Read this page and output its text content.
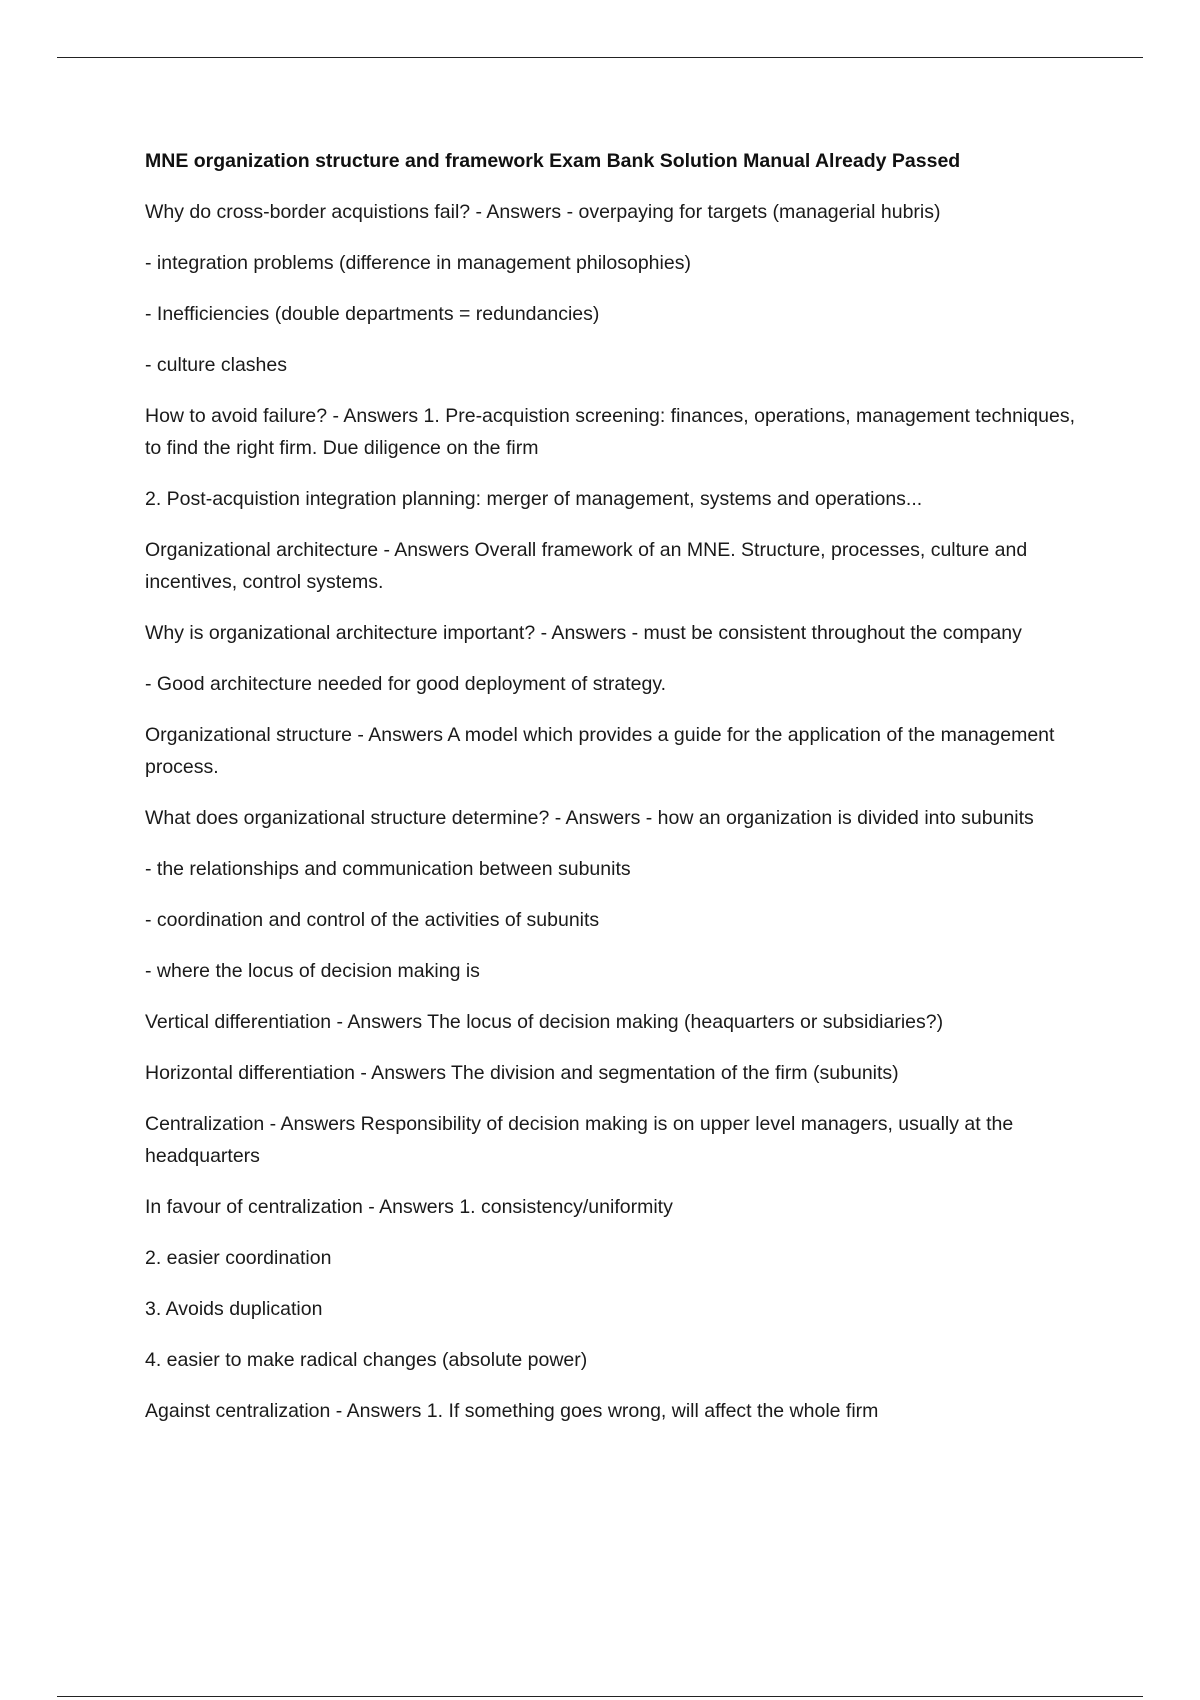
MNE organization structure and framework Exam Bank Solution Manual Already Passed

Why do cross-border acquistions fail? - Answers - overpaying for targets (managerial hubris)

- integration problems (difference in management philosophies)

- Inefficiencies (double departments = redundancies)

- culture clashes

How to avoid failure? - Answers 1. Pre-acquistion screening: finances, operations, management techniques, to find the right firm. Due diligence on the firm

2. Post-acquistion integration planning: merger of management, systems and operations...

Organizational architecture - Answers Overall framework of an MNE. Structure, processes, culture and incentives, control systems.

Why is organizational architecture important? - Answers - must be consistent throughout the company

- Good architecture needed for good deployment of strategy.

Organizational structure - Answers A model which provides a guide for the application of the management process.

What does organizational structure determine? - Answers - how an organization is divided into subunits

- the relationships and communication between subunits

- coordination and control of the activities of subunits

- where the locus of decision making is

Vertical differentiation - Answers The locus of decision making (heaquarters or subsidiaries?)

Horizontal differentiation - Answers The division and segmentation of the firm (subunits)

Centralization - Answers Responsibility of decision making is on upper level managers, usually at the headquarters

In favour of centralization - Answers 1. consistency/uniformity

2. easier coordination

3. Avoids duplication

4. easier to make radical changes (absolute power)

Against centralization - Answers 1. If something goes wrong, will affect the whole firm
